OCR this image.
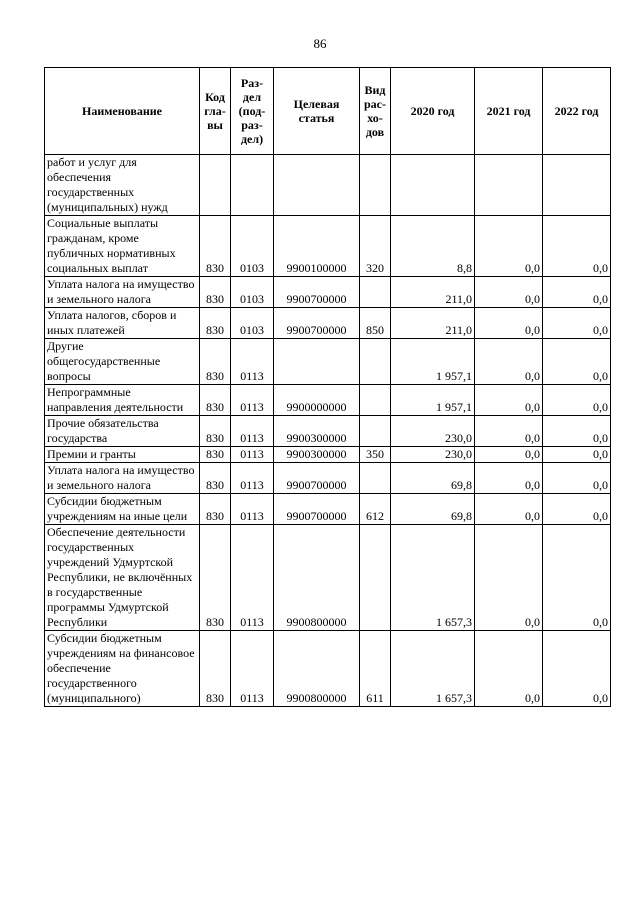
86
Наименование	Код гла-вы	Раз-дел (под-раз-дел)	Целевая статья	Вид рас-хо-дов	2020 год	2021 год	2022 год
работ и услуг для обеспечения государственных (муниципальных) нужд							
Социальные выплаты гражданам, кроме публичных нормативных социальных выплат	830	0103	9900100000	320	8,8	0,0	0,0
Уплата налога на имущество и земельного налога	830	0103	9900700000		211,0	0,0	0,0
Уплата налогов, сборов и иных платежей	830	0103	9900700000	850	211,0	0,0	0,0
Другие общегосударственные вопросы	830	0113			1 957,1	0,0	0,0
Непрограммные направления деятельности	830	0113	9900000000		1 957,1	0,0	0,0
Прочие обязательства государства	830	0113	9900300000		230,0	0,0	0,0
Премии и гранты	830	0113	9900300000	350	230,0	0,0	0,0
Уплата налога на имущество и земельного налога	830	0113	9900700000		69,8	0,0	0,0
Субсидии бюджетным учреждениям на иные цели	830	0113	9900700000	612	69,8	0,0	0,0
Обеспечение деятельности государственных учреждений Удмуртской Республики, не включённых в государственные программы Удмуртской Республики	830	0113	9900800000		1 657,3	0,0	0,0
Субсидии бюджетным учреждениям на финансовое обеспечение государственного (муниципального)	830	0113	9900800000	611	1 657,3	0,0	0,0
